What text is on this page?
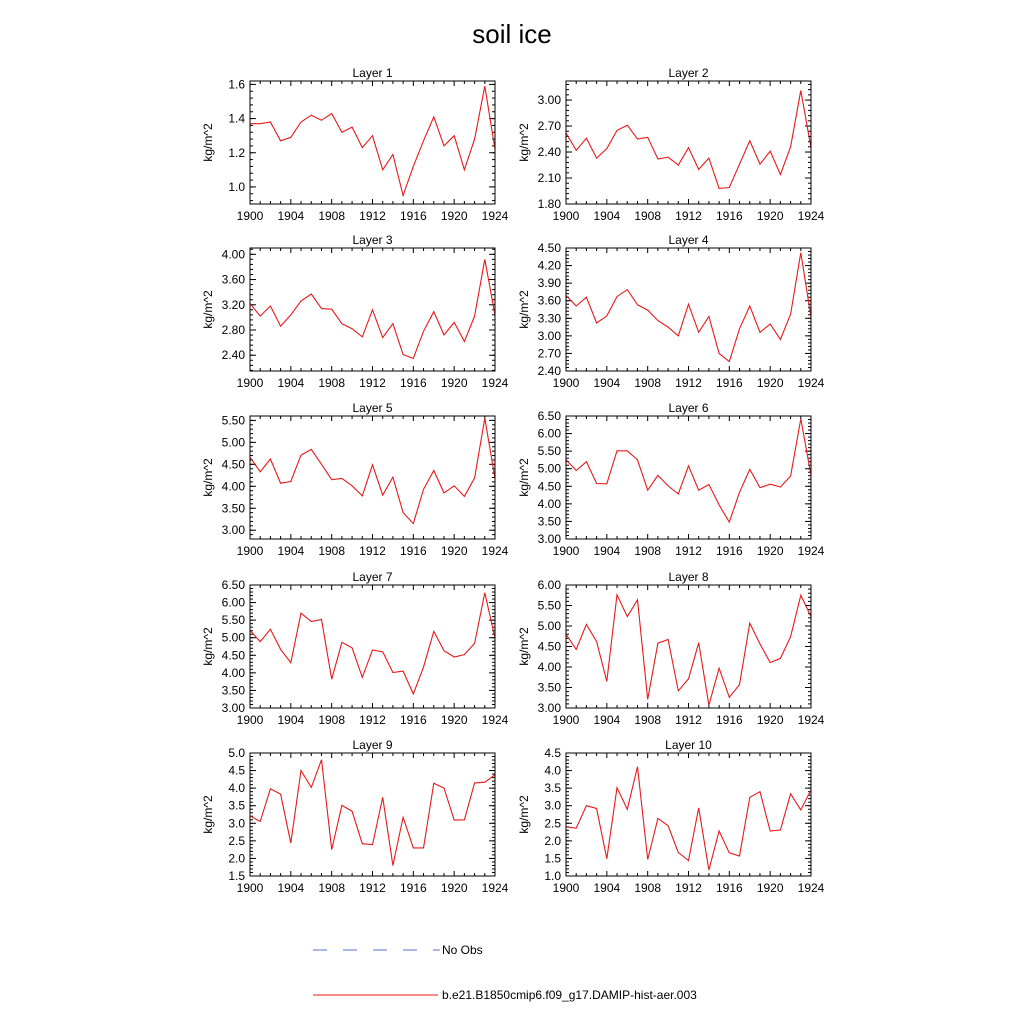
soil ice
Layer 1
kg/m^2
1900 1904 1908 1912 1916 1920 1924
1.0
1.2
1.4
1.6
Layer 2
kg/m^2
1900 1904 1908 1912 1916 1920 1924
1.80
2.10
2.40
2.70
3.00
Layer 3
kg/m^2
1900 1904 1908 1912 1916 1920 1924
2.40
2.80
3.20
3.60
4.00
Layer 4
kg/m^2
1900 1904 1908 1912 1916 1920 1924
2.40
2.70
3.00
3.30
3.60
3.90
4.20
4.50
Layer 5
kg/m^2
1900 1904 1908 1912 1916 1920 1924
3.00
3.50
4.00
4.50
5.00
5.50
Layer 6
kg/m^2
1900 1904 1908 1912 1916 1920 1924
3.00
3.50
4.00
4.50
5.00
5.50
6.00
6.50
Layer 7
kg/m^2
1900 1904 1908 1912 1916 1920 1924
3.00
3.50
4.00
4.50
5.00
5.50
6.00
6.50
Layer 8
kg/m^2
1900 1904 1908 1912 1916 1920 1924
3.00
3.50
4.00
4.50
5.00
5.50
6.00
Layer 9
kg/m^2
1900 1904 1908 1912 1916 1920 1924
1.5
2.0
2.5
3.0
3.5
4.0
4.5
5.0
Layer 10
kg/m^2
1900 1904 1908 1912 1916 1920 1924
1.0
1.5
2.0
2.5
3.0
3.5
4.0
4.5
No Obs
b.e21.B1850cmip6.f09_g17.DAMIP-hist-aer.003
